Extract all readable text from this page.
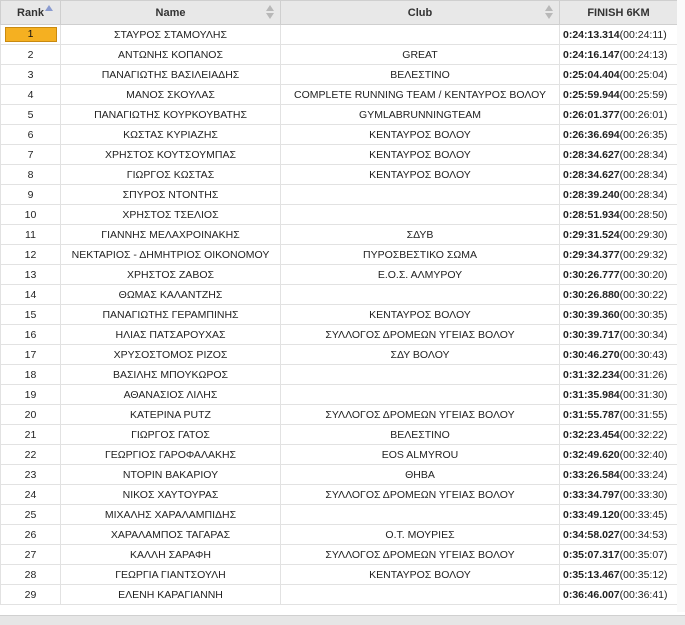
Rank	Name	Club	FINISH 6KM
1	ΣΤΑΥΡΟΣ ΣΤΑΜΟΥΛΗΣ		0:24:13.314(00:24:11)
2	ΑΝΤΩΝΗΣ ΚΟΠΑΝΟΣ	GREAT	0:24:16.147(00:24:13)
3	ΠΑΝΑΓΙΩΤΗΣ ΒΑΣΙΛΕΙΑΔΗΣ	ΒΕΛΕΣΤΙΝΟ	0:25:04.404(00:25:04)
4	ΜΑΝΟΣ ΣΚΟΥΛΑΣ	COMPLETE RUNNING TEAM / ΚΕΝΤΑΥΡΟΣ ΒΟΛΟΥ	0:25:59.944(00:25:59)
5	ΠΑΝΑΓΙΩΤΗΣ ΚΟΥΡΚΟΥΒΑΤΗΣ	GYMLABRUNNINGTEAM	0:26:01.377(00:26:01)
6	ΚΩΣΤΑΣ ΚΥΡΙΑΖΗΣ	ΚΕΝΤΑΥΡΟΣ ΒΟΛΟΥ	0:26:36.694(00:26:35)
7	ΧΡΗΣΤΟΣ ΚΟΥΤΣΟΥΜΠΑΣ	ΚΕΝΤΑΥΡΟΣ ΒΟΛΟΥ	0:28:34.627(00:28:34)
8	ΓΙΩΡΓΟΣ ΚΩΣΤΑΣ	ΚΕΝΤΑΥΡΟΣ ΒΟΛΟΥ	0:28:34.627(00:28:34)
9	ΣΠΥΡΟΣ ΝΤΟΝΤΗΣ		0:28:39.240(00:28:34)
10	ΧΡΗΣΤΟΣ ΤΣΕΛΙΟΣ		0:28:51.934(00:28:50)
11	ΓΙΑΝΝΗΣ ΜΕΛΑΧΡΟΙΝΑΚΗΣ	ΣΔΥΒ	0:29:31.524(00:29:30)
12	ΝΕΚΤΑΡΙΟΣ - ΔΗΜΗΤΡΙΟΣ ΟΙΚΟΝΟΜΟΥ	ΠΥΡΟΣΒΕΣΤΙΚΟ ΣΩΜΑ	0:29:34.377(00:29:32)
13	ΧΡΗΣΤΟΣ ΖΑΒΟΣ	Ε.Ο.Σ. ΑΛΜΥΡΟΥ	0:30:26.777(00:30:20)
14	ΘΩΜΑΣ ΚΑΛΑΝΤΖΗΣ		0:30:26.880(00:30:22)
15	ΠΑΝΑΓΙΩΤΗΣ ΓΕΡΑΜΠΙΝΗΣ	ΚΕΝΤΑΥΡΟΣ ΒΟΛΟΥ	0:30:39.360(00:30:35)
16	ΗΛΙΑΣ ΠΑΤΣΑΡΟΥΧΑΣ	ΣΥΛΛΟΓΟΣ ΔΡΟΜΕΩΝ ΥΓΕΙΑΣ ΒΟΛΟΥ	0:30:39.717(00:30:34)
17	ΧΡΥΣΟΣΤΟΜΟΣ ΡΙΖΟΣ	ΣΔΥ ΒΟΛΟΥ	0:30:46.270(00:30:43)
18	ΒΑΣΙΛΗΣ ΜΠΟΥΚΩΡΟΣ		0:31:32.234(00:31:26)
19	ΑΘΑΝΑΣΙΟΣ ΛΙΛΗΣ		0:31:35.984(00:31:30)
20	ΚΑΤΕΡΙΝΑ PUTZ	ΣΥΛΛΟΓΟΣ ΔΡΟΜΕΩΝ ΥΓΕΙΑΣ ΒΟΛΟΥ	0:31:55.787(00:31:55)
21	ΓΙΩΡΓΟΣ ΓΑΤΟΣ	ΒΕΛΕΣΤΙΝΟ	0:32:23.454(00:32:22)
22	ΓΕΩΡΓΙΟΣ ΓΑΡΟΦΑΛΑΚΗΣ	EOS ALMYROU	0:32:49.620(00:32:40)
23	ΝΤΟΡΙΝ ΒΑΚΑΡΙΟΥ	ΘΗΒΑ	0:33:26.584(00:33:24)
24	ΝΙΚΟΣ ΧΑΥΤΟΥΡΑΣ	ΣΥΛΛΟΓΟΣ ΔΡΟΜΕΩΝ ΥΓΕΙΑΣ ΒΟΛΟΥ	0:33:34.797(00:33:30)
25	ΜΙΧΑΛΗΣ ΧΑΡΑΛΑΜΠΙΔΗΣ		0:33:49.120(00:33:45)
26	ΧΑΡΑΛΑΜΠΟΣ ΤΑΓΑΡΑΣ	Ο.Τ. ΜΟΥΡΙΕΣ	0:34:58.027(00:34:53)
27	ΚΑΛΛΗ ΣΑΡΑΦΗ	ΣΥΛΛΟΓΟΣ ΔΡΟΜΕΩΝ ΥΓΕΙΑΣ ΒΟΛΟΥ	0:35:07.317(00:35:07)
28	ΓΕΩΡΓΙΑ ΓΙΑΝΤΣΟΥΛΗ	ΚΕΝΤΑΥΡΟΣ ΒΟΛΟΥ	0:35:13.467(00:35:12)
29	ΕΛΕΝΗ ΚΑΡΑΓΙΑΝΝΗ		0:36:46.007(00:36:41)
